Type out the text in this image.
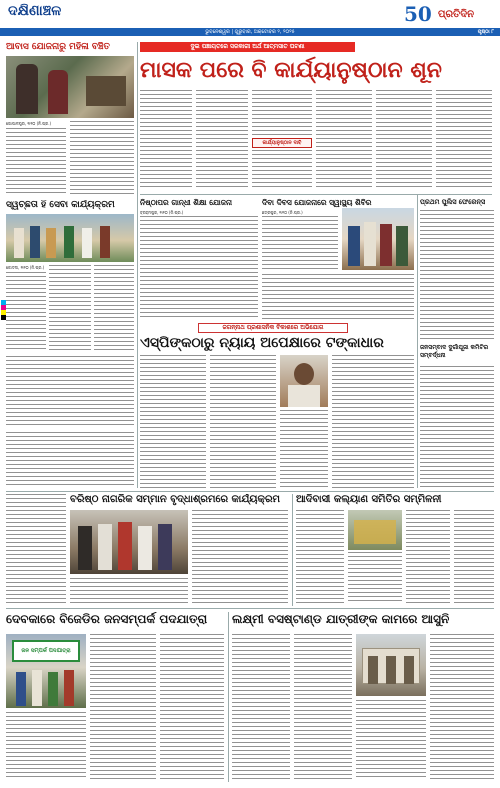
ଦକ୍ଷିଣାଞ୍ଚଳ	50 ପ୍ରତିଦିନ
ଭୁବନେଶ୍ୱର | ଗୁରୁବାର, ଅକ୍ଟୋବର ୨, ୨୦୨୫	ପୃଷ୍ଠା ୮
ଆବାସ ଯୋଜନାରୁ ମହିଳା ବଞ୍ଚିତ
ଗୋପାଳପୁର, ୧ା୧୦ (ନି.ପ୍ର.)
ସ୍ୱଚ୍ଛତା ହିଁ ସେବା କାର୍ଯ୍ୟକ୍ରମ
କୋଦଳା, ୧ା୧୦ (ନି.ପ୍ର.)
ଦୁଇ ପଞ୍ଚାୟତରେ ସରକାରୀ ଅର୍ଥ ଆତ୍ମସାତ ଘଟଣା
ମାସକ ପରେ ବି କାର୍ଯ୍ୟାନୁଷ୍ଠାନ ଶୂନ
କାର୍ଯ୍ୟାନୁଷ୍ଠାନ ଦାବି
ନିଷ୍ଠାପର ଗାନ୍ଧୀ ଶିକ୍ଷା ଯୋଜନା
ବ୍ରହ୍ମପୁର, ୧ା୧୦ (ନି.ପ୍ର.)
ଦିବା ଦିବସ ଯୋଜନାରେ ସ୍ୱାସ୍ଥ୍ୟ ଶିବିର
ଛତ୍ରପୁର, ୧ା୧୦ (ନି.ପ୍ର.)
ପ୍ରଥମ ପୁଲିସ ଫେରେନ୍ସ
ଜନସମ୍ବାଦ ଦୁର୍ଗାପୂଜା କମିଟିର ସମ୍ବର୍ଦ୍ଧନା
ଜଗନ୍ନାଥ ପ୍ରଶାସନିକ ବିକାଶରେ ଅଭିଯୋଗ
ଏସ୍‌ପିଙ୍କଠାରୁ ନ୍ୟାୟ ଅପେକ୍ଷାରେ ଟଙ୍କାଧାର
ବରିଷ୍ଠ ନାଗରିକ ସମ୍ମାନ ବୃଦ୍ଧାଶ୍ରମରେ କାର୍ଯ୍ୟକ୍ରମ	ଆଦିବାସୀ କଲ୍ୟାଣ ସମିତିର ସମ୍ମିଳନୀ
ଦେବକାରେ ବିଜେଡିର ଜନସମ୍ପର୍କ ପଦଯାତ୍ରା
ଜନ ସମ୍ପର୍କ ପଦଯାତ୍ରା
ଲକ୍ଷ୍ମୀ ବସଷ୍ଟାଣ୍ଡ ଯାତ୍ରୀଙ୍କ କାମରେ ଆସୁନି
